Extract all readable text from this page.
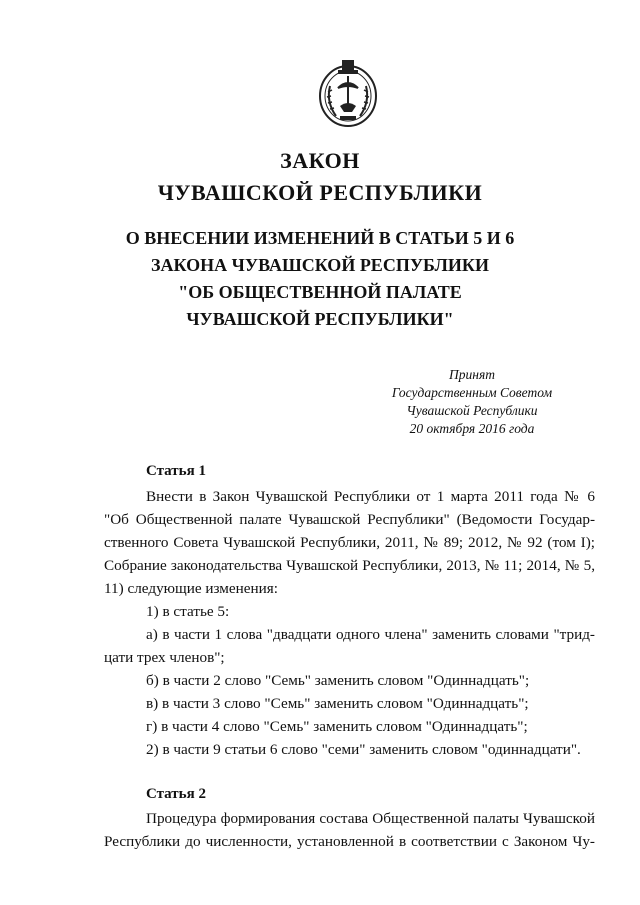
ЗАКОН
ЧУВАШСКОЙ РЕСПУБЛИКИ
О ВНЕСЕНИИ ИЗМЕНЕНИЙ В СТАТЬИ 5 И 6
ЗАКОНА ЧУВАШСКОЙ РЕСПУБЛИКИ
"ОБ ОБЩЕСТВЕННОЙ ПАЛАТЕ
ЧУВАШСКОЙ РЕСПУБЛИКИ"
Принят
Государственным Советом
Чувашской Республики
20 октября 2016 года
Статья 1
Внести в Закон Чувашской Республики от 1 марта 2011 года № 6
"Об Общественной палате Чувашской Республики" (Ведомости Государ-
ственного Совета Чувашской Республики, 2011, № 89; 2012, № 92 (том I);
Собрание законодательства Чувашской Республики, 2013, № 11; 2014, № 5,
11) следующие изменения:
1) в статье 5:
а) в части 1 слова "двадцати одного члена" заменить словами "трид-
цати трех членов";
б) в части 2 слово "Семь" заменить словом "Одиннадцать";
в) в части 3 слово "Семь" заменить словом "Одиннадцать";
г) в части 4 слово "Семь" заменить словом "Одиннадцать";
2) в части 9 статьи 6 слово "семи" заменить словом "одиннадцати".
Статья 2
Процедура формирования состава Общественной палаты Чувашской
Республики до численности, установленной в соответствии с Законом Чу-
